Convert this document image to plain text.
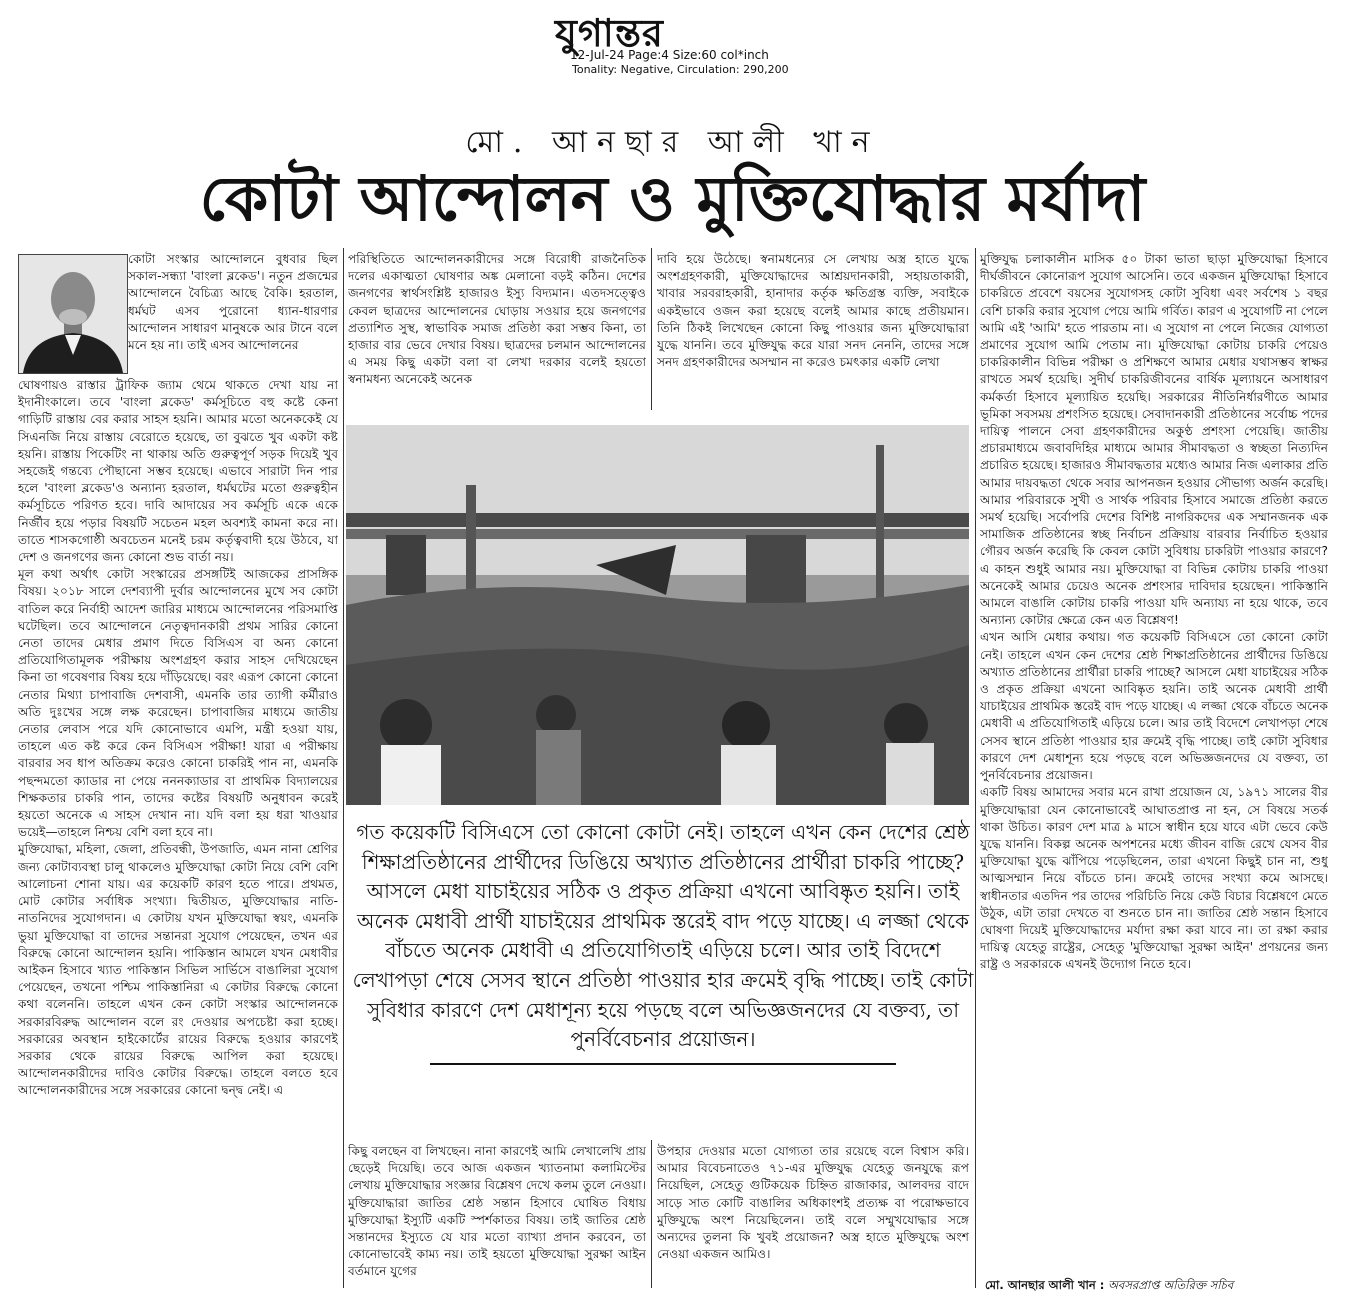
যুগান্তর
12-Jul-24 Page:4 Size:60 col*inch
Tonality: Negative, Circulation: 290,200
মো. আনছার আলী খান
কোটা আন্দোলন ও মুক্তিযোদ্ধার মর্যাদা

কোটা সংস্কার আন্দোলনে বুধবার ছিল সকাল-সন্ধ্যা 'বাংলা ব্লকেড'। নতুন প্রজন্মের আন্দোলনে বৈচিত্র্য আছে বৈকি। হরতাল, ধর্মঘট এসব পুরোনো ধ্যান-ধারণার আন্দোলন সাধারণ মানুষকে আর টানে বলে মনে হয় না। তাই এসব আন্দোলনের

ঘোষণায়ও রাস্তার ট্রাফিক জ্যাম থেমে থাকতে দেখা যায় না ইদানীংকালে। তবে 'বাংলা ব্লকেড' কর্মসূচিতে বহু কষ্টে কেনা গাড়িটি রাস্তায় বের করার সাহস হয়নি। আমার মতো অনেককেই যে সিএনজি নিয়ে রাস্তায় বেরোতে হয়েছে, তা বুঝতে খুব একটা কষ্ট হয়নি। রাস্তায় পিকেটিং না থাকায় অতি গুরুত্বপূর্ণ সড়ক দিয়েই খুব সহজেই গন্তব্যে পৌছানো সম্ভব হয়েছে। এভাবে সারাটা দিন পার হলে 'বাংলা ব্লকেড'ও অন্যান্য হরতাল, ধর্মঘটের মতো গুরুত্বহীন কর্মসূচিতে পরিণত হবে। দাবি আদায়ের সব কর্মসূচি একে একে নির্জীব হয়ে পড়ার বিষয়টি সচেতন মহল অবশ্যই কামনা করে না। তাতে শাসকগোষ্ঠী অবচেতন মনেই চরম কর্তৃত্ববাদী হয়ে উঠবে, যা দেশ ও জনগণের জন্য কোনো শুভ বার্তা নয়।

মূল কথা অর্থাৎ কোটা সংস্কারের প্রসঙ্গটিই আজকের প্রাসঙ্গিক বিষয়। ২০১৮ সালে দেশব্যাপী দুর্বার আন্দোলনের মুখে সব কোটা বাতিল করে নির্বাহী আদেশ জারির মাধ্যমে আন্দোলনের পরিসমাপ্তি ঘটেছিল। তবে আন্দোলনে নেতৃত্বদানকারী প্রথম সারির কোনো নেতা তাদের মেধার প্রমাণ দিতে বিসিএস বা অন্য কোনো প্রতিযোগিতামূলক পরীক্ষায় অংশগ্রহণ করার সাহস দেখিয়েছেন কিনা তা গবেষণার বিষয় হয়ে দাঁড়িয়েছে। বরং এরূপ কোনো কোনো নেতার মিথ্যা চাপাবাজি দেশবাসী, এমনকি তার ত্যাগী কর্মীরাও অতি দুঃখের সঙ্গে লক্ষ করেছেন। চাপাবাজির মাধ্যমে জাতীয় নেতার লেবাস পরে যদি কোনোভাবে এমপি, মন্ত্রী হওয়া যায়, তাহলে এত কষ্ট করে কেন বিসিএস পরীক্ষা! যারা এ পরীক্ষায় বারবার সব ধাপ অতিক্রম করেও কোনো চাকরিই পান না, এমনকি পছন্দমতো ক্যাডার না পেয়ে নননক্যাডার বা প্রাথমিক বিদ্যালয়ের শিক্ষকতার চাকরি পান, তাদের কষ্টের বিষয়টি অনুধাবন করেই হয়তো অনেকে এ সাহস দেখান না। যদি বলা হয় ধরা খাওয়ার ভয়েই—তাহলে নিশ্চয় বেশি বলা হবে না।

মুক্তিযোদ্ধা, মহিলা, জেলা, প্রতিবন্ধী, উপজাতি, এমন নানা শ্রেণির জন্য কোটাব্যবস্থা চালু থাকলেও মুক্তিযোদ্ধা কোটা নিয়ে বেশি বেশি আলোচনা শোনা যায়। এর কয়েকটি কারণ হতে পারে। প্রথমত, মোট কোটার সর্বাধিক সংখ্যা। দ্বিতীয়ত, মুক্তিযোদ্ধার নাতি-নাতনিদের সুযোগদান। এ কোটায় যখন মুক্তিযোদ্ধা স্বয়ং, এমনকি ভুয়া মুক্তিযোদ্ধা বা তাদের সন্তানরা সুযোগ পেয়েছেন, তখন এর বিরুদ্ধে কোনো আন্দোলন হয়নি। পাকিস্তান আমলে যখন মেধাবীর আইকন হিসাবে খ্যাত পাকিস্তান সিভিল সার্ভিসে বাঙালিরা সুযোগ পেয়েছেন, তখনো পশ্চিম পাকিস্তানিরা এ কোটার বিরুদ্ধে কোনো কথা বলেননি। তাহলে এখন কেন কোটা সংস্কার আন্দোলনকে সরকারবিরুদ্ধ আন্দোলন বলে রং দেওয়ার অপচেষ্টা করা হচ্ছে। সরকারের অবস্থান হাইকোর্টের রায়ের বিরুদ্ধে হওয়ার কারণেই সরকার থেকে রায়ের বিরুদ্ধে আপিল করা হয়েছে। আন্দোলনকারীদের দাবিও কোটার বিরুদ্ধে। তাহলে বলতে হবে আন্দোলনকারীদের সঙ্গে সরকারের কোনো দ্বন্দ্ব নেই। এ

পরিস্থিতিতে আন্দোলনকারীদের সঙ্গে বিরোধী রাজনৈতিক দলের একাত্মতা ঘোষণার অঙ্ক মেলানো বড়ই কঠিন। দেশের জনগণের স্বার্থসংশ্লিষ্ট হাজারও ইস্যু বিদ্যমান। এতদসত্ত্বেও কেবল ছাত্রদের আন্দোলনের ঘোড়ায় সওয়ার হয়ে জনগণের প্রত্যাশিত সুস্থ, স্বাভাবিক সমাজ প্রতিষ্ঠা করা সম্ভব কিনা, তা হাজার বার ভেবে দেখার বিষয়। ছাত্রদের চলমান আন্দোলনের এ সময় কিছু একটা বলা বা লেখা দরকার বলেই হয়তো স্বনামধন্য অনেকেই অনেক

দাবি হয়ে উঠেছে। স্বনামধন্যের সে লেখায় অস্ত্র হাতে যুদ্ধে অংশগ্রহণকারী, মুক্তিযোদ্ধাদের আশ্রয়দানকারী, সহায়তাকারী, খাবার সরবরাহকারী, হানাদার কর্তৃক ক্ষতিগ্রস্ত ব্যক্তি, সবাইকে একইভাবে ওজন করা হয়েছে বলেই আমার কাছে প্রতীয়মান। তিনি ঠিকই লিখেছেন কোনো কিছু পাওয়ার জন্য মুক্তিযোদ্ধারা যুদ্ধে যাননি। তবে মুক্তিযুদ্ধ করে যারা সনদ নেননি, তাদের সঙ্গে সনদ গ্রহণকারীদের অসম্মান না করেও চমৎকার একটি লেখা

মুক্তিযুদ্ধ চলাকালীন মাসিক ৫০ টাকা ভাতা ছাড়া মুক্তিযোদ্ধা হিসাবে দীর্ঘজীবনে কোনোরূপ সুযোগ আসেনি। তবে একজন মুক্তিযোদ্ধা হিসাবে চাকরিতে প্রবেশে বয়সের সুযোগসহ কোটা সুবিধা এবং সর্বশেষ ১ বছর বেশি চাকরি করার সুযোগ পেয়ে আমি গর্বিত। কারণ এ সুযোগটি না পেলে আমি এই 'আমি' হতে পারতাম না। এ সুযোগ না পেলে নিজের যোগ্যতা প্রমাণের সুযোগ আমি পেতাম না। মুক্তিযোদ্ধা কোটায় চাকরি পেয়েও চাকরিকালীন বিভিন্ন পরীক্ষা ও প্রশিক্ষণে আমার মেধার যথাসম্ভব স্বাক্ষর রাখতে সমর্থ হয়েছি। সুদীর্ঘ চাকরিজীবনের বার্ষিক মূল্যায়নে অসাধারণ কর্মকর্তা হিসাবে মূল্যায়িত হয়েছি। সরকারের নীতিনির্ধারণীতে আমার ভূমিকা সবসময় প্রশংসিত হয়েছে। সেবাদানকারী প্রতিষ্ঠানের সর্বোচ্চ পদের দায়িত্ব পালনে সেবা গ্রহণকারীদের অকুণ্ঠ প্রশংসা পেয়েছি। জাতীয় প্রচারমাধ্যমে জবাবদিহির মাধ্যমে আমার সীমাবদ্ধতা ও স্বচ্ছতা নিত্যদিন প্রচারিত হয়েছে। হাজারও সীমাবদ্ধতার মধ্যেও আমার নিজ এলাকার প্রতি আমার দায়বদ্ধতা থেকে সবার আপনজন হওয়ার সৌভাগ্য অর্জন করেছি। আমার পরিবারকে সুখী ও সার্থক পরিবার হিসাবে সমাজে প্রতিষ্ঠা করতে সমর্থ হয়েছি। সর্বোপরি দেশের বিশিষ্ট নাগরিকদের এক সম্মানজনক এক সামাজিক প্রতিষ্ঠানের স্বচ্ছ নির্বাচন প্রক্রিয়ায় বারবার নির্বাচিত হওয়ার গৌরব অর্জন করেছি কি কেবল কোটা সুবিধায় চাকরিটা পাওয়ার কারণে? এ কাহন শুধুই আমার নয়। মুক্তিযোদ্ধা বা বিভিন্ন কোটায় চাকরি পাওয়া অনেকেই আমার চেয়েও অনেক প্রশংসার দাবিদার হয়েছেন। পাকিস্তানি আমলে বাঙালি কোটায় চাকরি পাওয়া যদি অন্যায্য না হয়ে থাকে, তবে অন্যান্য কোটার ক্ষেত্রে কেন এত বিশ্লেষণ!

এখন আসি মেধার কথায়। গত কয়েকটি বিসিএসে তো কোনো কোটা নেই। তাহলে এখন কেন দেশের শ্রেষ্ঠ শিক্ষাপ্রতিষ্ঠানের প্রার্থীদের ডিঙিয়ে অখ্যাত প্রতিষ্ঠানের প্রার্থীরা চাকরি পাচ্ছে? আসলে মেধা যাচাইয়ের সঠিক ও প্রকৃত প্রক্রিয়া এখনো আবিষ্কৃত হয়নি। তাই অনেক মেধাবী প্রার্থী যাচাইয়ের প্রাথমিক স্তরেই বাদ পড়ে যাচ্ছে। এ লজ্জা থেকে বাঁচতে অনেক মেধাবী এ প্রতিযোগিতাই এড়িয়ে চলে। আর তাই বিদেশে লেখাপড়া শেষে সেসব স্থানে প্রতিষ্ঠা পাওয়ার হার ক্রমেই বৃদ্ধি পাচ্ছে। তাই কোটা সুবিধার কারণে দেশ মেধাশূন্য হয়ে পড়ছে বলে অভিজ্ঞজনদের যে বক্তব্য, তা পুনর্বিবেচনার প্রয়োজন।

একটি বিষয় আমাদের সবার মনে রাখা প্রয়োজন যে, ১৯৭১ সালের বীর মুক্তিযোদ্ধারা যেন কোনোভাবেই আঘাতপ্রাপ্ত না হন, সে বিষয়ে সতর্ক থাকা উচিত। কারণ দেশ মাত্র ৯ মাসে স্বাধীন হয়ে যাবে এটা ভেবে কেউ যুদ্ধে যাননি। বিকল্প অনেক অপশনের মধ্যে জীবন বাজি রেখে যেসব বীর মুক্তিযোদ্ধা যুদ্ধে ঝাঁপিয়ে পড়েছিলেন, তারা এখনো কিছুই চান না, শুধু আত্মসম্মান নিয়ে বাঁচতে চান। ক্রমেই তাদের সংখ্যা কমে আসছে। স্বাধীনতার এতদিন পর তাদের পরিচিতি নিয়ে কেউ বিচার বিশ্লেষণে মেতে উঠুক, এটা তারা দেখতে বা শুনতে চান না। জাতির শ্রেষ্ঠ সন্তান হিসাবে ঘোষণা দিয়েই মুক্তিযোদ্ধাদের মর্যাদা রক্ষা করা যাবে না। তা রক্ষা করার দায়িত্ব যেহেতু রাষ্ট্রের, সেহেতু 'মুক্তিযোদ্ধা সুরক্ষা আইন' প্রণয়নের জন্য রাষ্ট্র ও সরকারকে এখনই উদ্যোগ নিতে হবে।

গত কয়েকটি বিসিএসে তো কোনো কোটা নেই। তাহলে এখন কেন দেশের শ্রেষ্ঠ শিক্ষাপ্রতিষ্ঠানের প্রার্থীদের ডিঙিয়ে অখ্যাত প্রতিষ্ঠানের প্রার্থীরা চাকরি পাচ্ছে? আসলে মেধা যাচাইয়ের সঠিক ও প্রকৃত প্রক্রিয়া এখনো আবিষ্কৃত হয়নি। তাই অনেক মেধাবী প্রার্থী যাচাইয়ের প্রাথমিক স্তরেই বাদ পড়ে যাচ্ছে। এ লজ্জা থেকে বাঁচতে অনেক মেধাবী এ প্রতিযোগিতাই এড়িয়ে চলে। আর তাই বিদেশে লেখাপড়া শেষে সেসব স্থানে প্রতিষ্ঠা পাওয়ার হার ক্রমেই বৃদ্ধি পাচ্ছে। তাই কোটা সুবিধার কারণে দেশ মেধাশূন্য হয়ে পড়ছে বলে অভিজ্ঞজনদের যে বক্তব্য, তা পুনর্বিবেচনার প্রয়োজন।

কিছু বলছেন বা লিখছেন। নানা কারণেই আমি লেখালেখি প্রায় ছেড়েই দিয়েছি। তবে আজ একজন খ্যাতনামা কলামিস্টের লেখায় মুক্তিযোদ্ধার সংজ্ঞার বিশ্লেষণ দেখে কলম তুলে নেওয়া। মুক্তিযোদ্ধারা জাতির শ্রেষ্ঠ সন্তান হিসাবে ঘোষিত বিধায় মুক্তিযোদ্ধা ইস্যুটি একটি স্পর্শকাতর বিষয়। তাই জাতির শ্রেষ্ঠ সন্তানদের ইস্যুতে যে যার মতো ব্যাখ্যা প্রদান করবেন, তা কোনোভাবেই কাম্য নয়। তাই হয়তো মুক্তিযোদ্ধা সুরক্ষা আইন বর্তমানে যুগের

উপহার দেওয়ার মতো যোগ্যতা তার রয়েছে বলে বিশ্বাস করি। আমার বিবেচনাতেও ৭১-এর মুক্তিযুদ্ধ যেহেতু জনযুদ্ধে রূপ নিয়েছিল, সেহেতু গুটিকয়েক চিহ্নিত রাজাকার, আলবদর বাদে সাড়ে সাত কোটি বাঙালির অধিকাংশই প্রত্যক্ষ বা পরোক্ষভাবে মুক্তিযুদ্ধে অংশ নিয়েছিলেন। তাই বলে সম্মুখযোদ্ধার সঙ্গে অন্যদের তুলনা কি খুবই প্রয়োজন? অস্ত্র হাতে মুক্তিযুদ্ধে অংশ নেওয়া একজন আমিও।

মো. আনছার আলী খান : অবসরপ্রাপ্ত অতিরিক্ত সচিব
